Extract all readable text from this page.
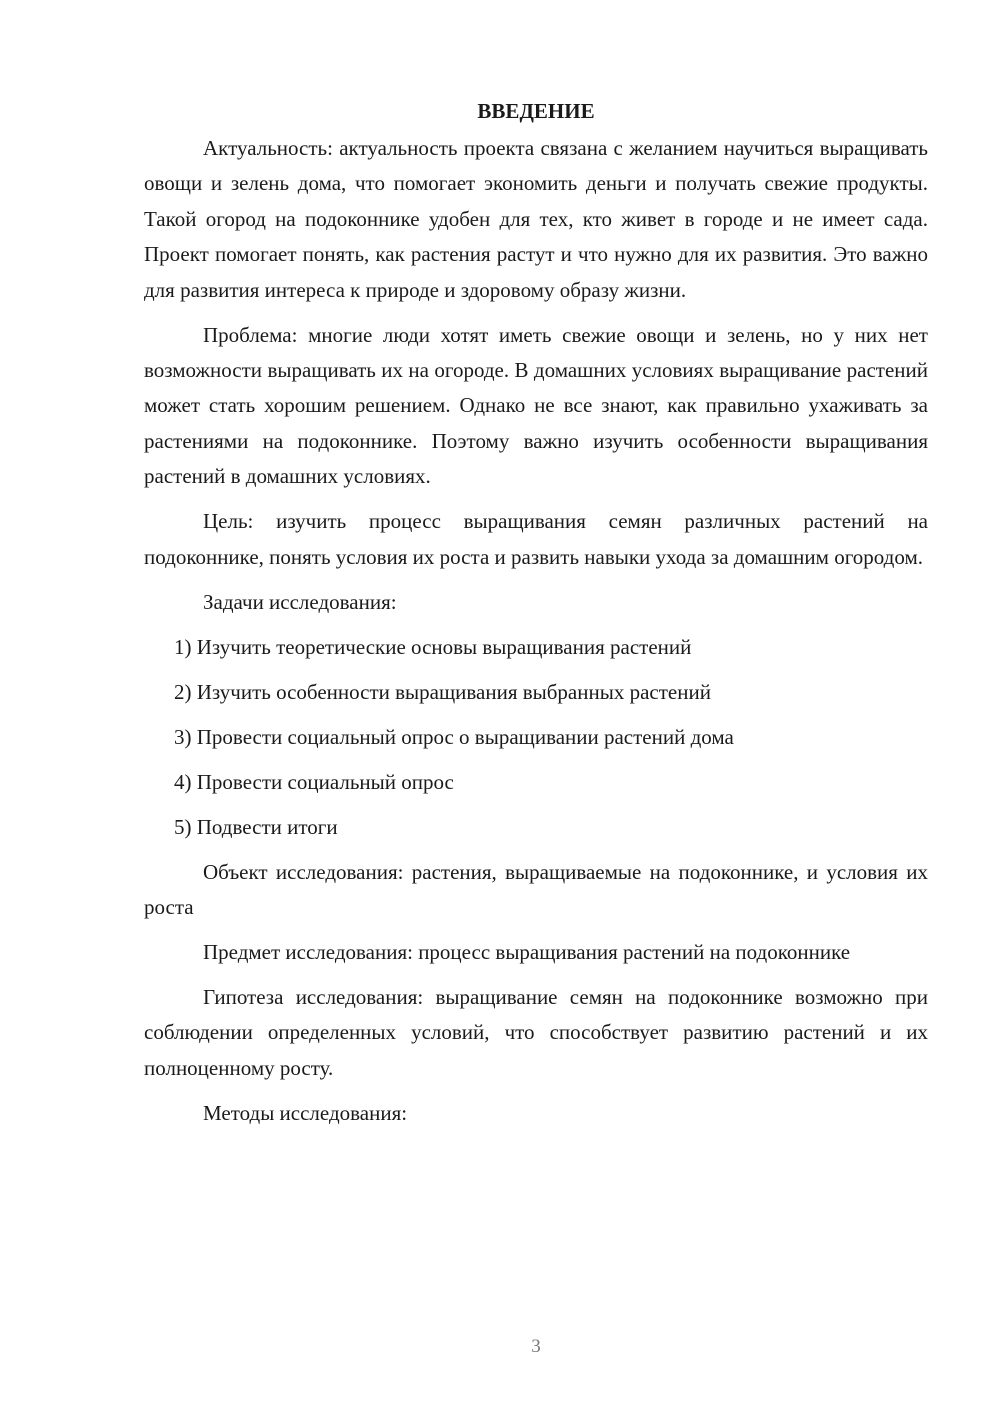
ВВЕДЕНИЕ

Актуальность: актуальность проекта связана с желанием научиться выращивать овощи и зелень дома, что помогает экономить деньги и получать свежие продукты. Такой огород на подоконнике удобен для тех, кто живет в городе и не имеет сада. Проект помогает понять, как растения растут и что нужно для их развития. Это важно для развития интереса к природе и здоровому образу жизни.

Проблема: многие люди хотят иметь свежие овощи и зелень, но у них нет возможности выращивать их на огороде. В домашних условиях выращивание растений может стать хорошим решением. Однако не все знают, как правильно ухаживать за растениями на подоконнике. Поэтому важно изучить особенности выращивания растений в домашних условиях.

Цель: изучить процесс выращивания семян различных растений на подоконнике, понять условия их роста и развить навыки ухода за домашним огородом.

Задачи исследования:

1) Изучить теоретические основы выращивания растений
2) Изучить особенности выращивания выбранных растений
3) Провести социальный опрос о выращивании растений дома
4) Провести социальный опрос
5) Подвести итоги

Объект исследования: растения, выращиваемые на подоконнике, и условия их роста

Предмет исследования: процесс выращивания растений на подоконнике

Гипотеза исследования: выращивание семян на подоконнике возможно при соблюдении определенных условий, что способствует развитию растений и их полноценному росту.

Методы исследования:

3
